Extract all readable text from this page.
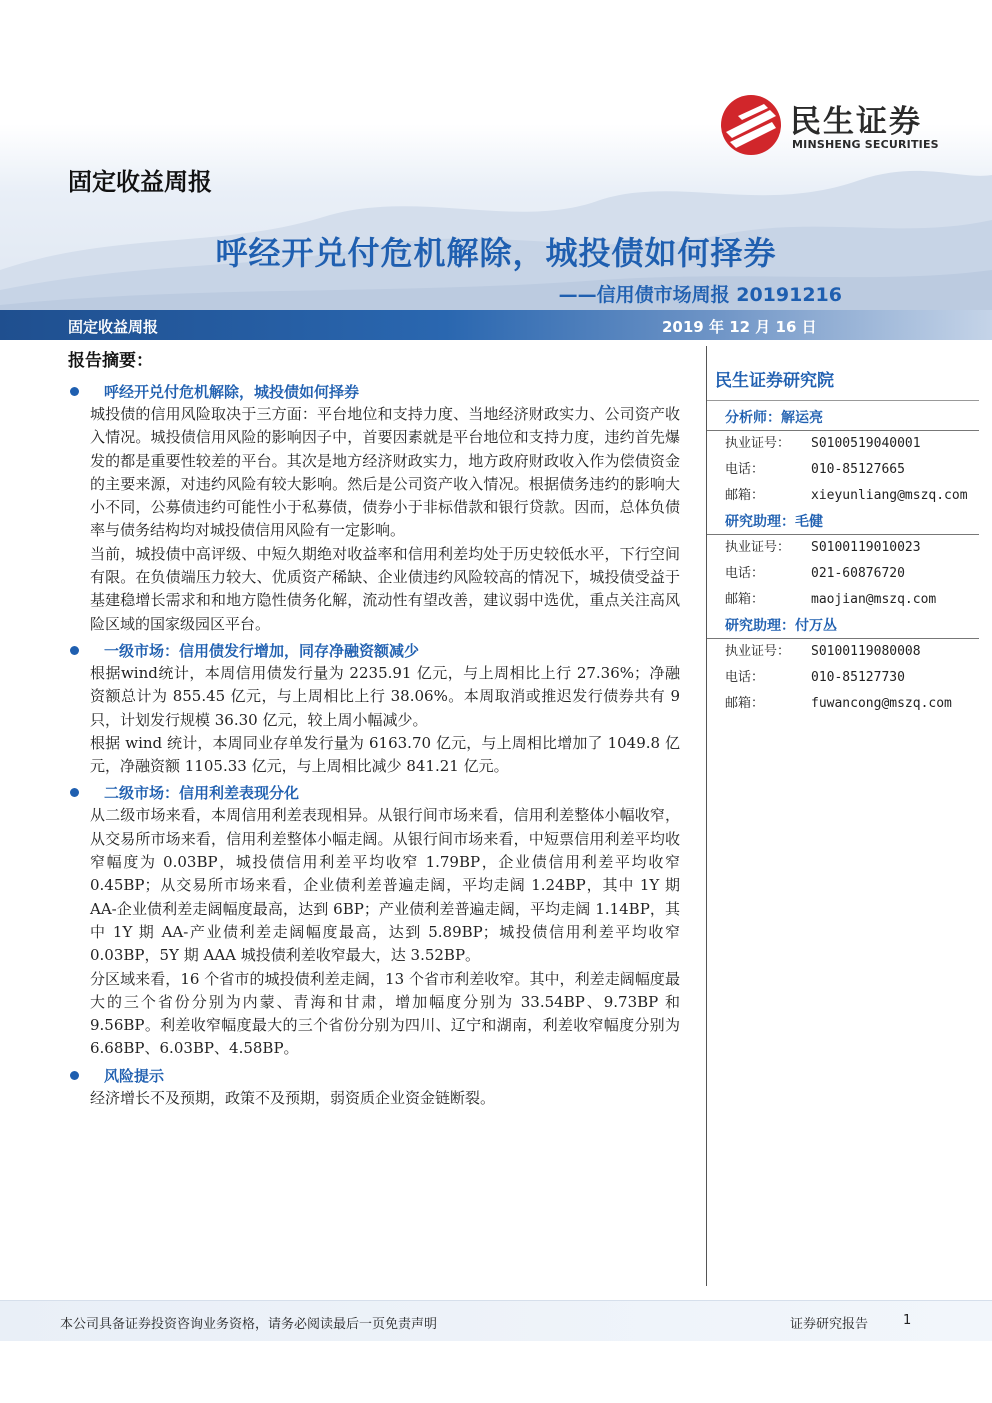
民生证券
MINSHENG SECURITIES
固定收益周报
呼经开兑付危机解除，城投债如何择券
——信用债市场周报 20191216
固定收益周报	2019 年 12 月 16 日
报告摘要：
呼经开兑付危机解除，城投债如何择券

城投债的信用风险取决于三方面：平台地位和支持力度、当地经济财政实力、公司资产收入情况。城投债信用风险的影响因子中，首要因素就是平台地位和支持力度，违约首先爆发的都是重要性较差的平台。其次是地方经济财政实力，地方政府财政收入作为偿债资金的主要来源，对违约风险有较大影响。然后是公司资产收入情况。根据债务违约的影响大小不同，公募债违约可能性小于私募债，债券小于非标借款和银行贷款。因而，总体负债率与债务结构均对城投债信用风险有一定影响。

当前，城投债中高评级、中短久期绝对收益率和信用利差均处于历史较低水平，下行空间有限。在负债端压力较大、优质资产稀缺、企业债违约风险较高的情况下，城投债受益于基建稳增长需求和和地方隐性债务化解，流动性有望改善，建议弱中选优，重点关注高风险区域的国家级园区平台。

一级市场：信用债发行增加，同存净融资额减少

根据wind统计，本周信用债发行量为 2235.91 亿元，与上周相比上行 27.36%；净融资额总计为 855.45 亿元，与上周相比上行 38.06%。本周取消或推迟发行债券共有 9 只，计划发行规模 36.30 亿元，较上周小幅减少。

根据 wind 统计，本周同业存单发行量为 6163.70 亿元，与上周相比增加了 1049.8 亿元，净融资额 1105.33 亿元，与上周相比减少 841.21 亿元。

二级市场：信用利差表现分化

从二级市场来看，本周信用利差表现相异。从银行间市场来看，信用利差整体小幅收窄，从交易所市场来看，信用利差整体小幅走阔。从银行间市场来看，中短票信用利差平均收窄幅度为 0.03BP，城投债信用利差平均收窄 1.79BP，企业债信用利差平均收窄 0.45BP；从交易所市场来看，企业债利差普遍走阔，平均走阔 1.24BP，其中 1Y 期 AA-企业债利差走阔幅度最高，达到 6BP；产业债利差普遍走阔，平均走阔 1.14BP，其中 1Y 期 AA-产业债利差走阔幅度最高，达到 5.89BP；城投债信用利差平均收窄 0.03BP，5Y 期 AAA 城投债利差收窄最大，达 3.52BP。

分区域来看，16 个省市的城投债利差走阔，13 个省市利差收窄。其中，利差走阔幅度最大的三个省份分别为内蒙、青海和甘肃，增加幅度分别为 33.54BP、9.73BP 和 9.56BP。利差收窄幅度最大的三个省份分别为四川、辽宁和湖南，利差收窄幅度分别为 6.68BP、6.03BP、4.58BP。

风险提示

经济增长不及预期，政策不及预期，弱资质企业资金链断裂。

民生证券研究院
分析师：解运亮
执业证号： S0100519040001
电话：	010-85127665
邮箱：	xieyunliang@mszq.com
研究助理：毛健
执业证号： S0100119010023
电话：	021-60876720
邮箱：	maojian@mszq.com
研究助理：付万丛
执业证号： S0100119080008
电话：	010-85127730
邮箱：	fuwancong@mszq.com
本公司具备证券投资咨询业务资格，请务必阅读最后一页免责声明	证券研究报告	1
